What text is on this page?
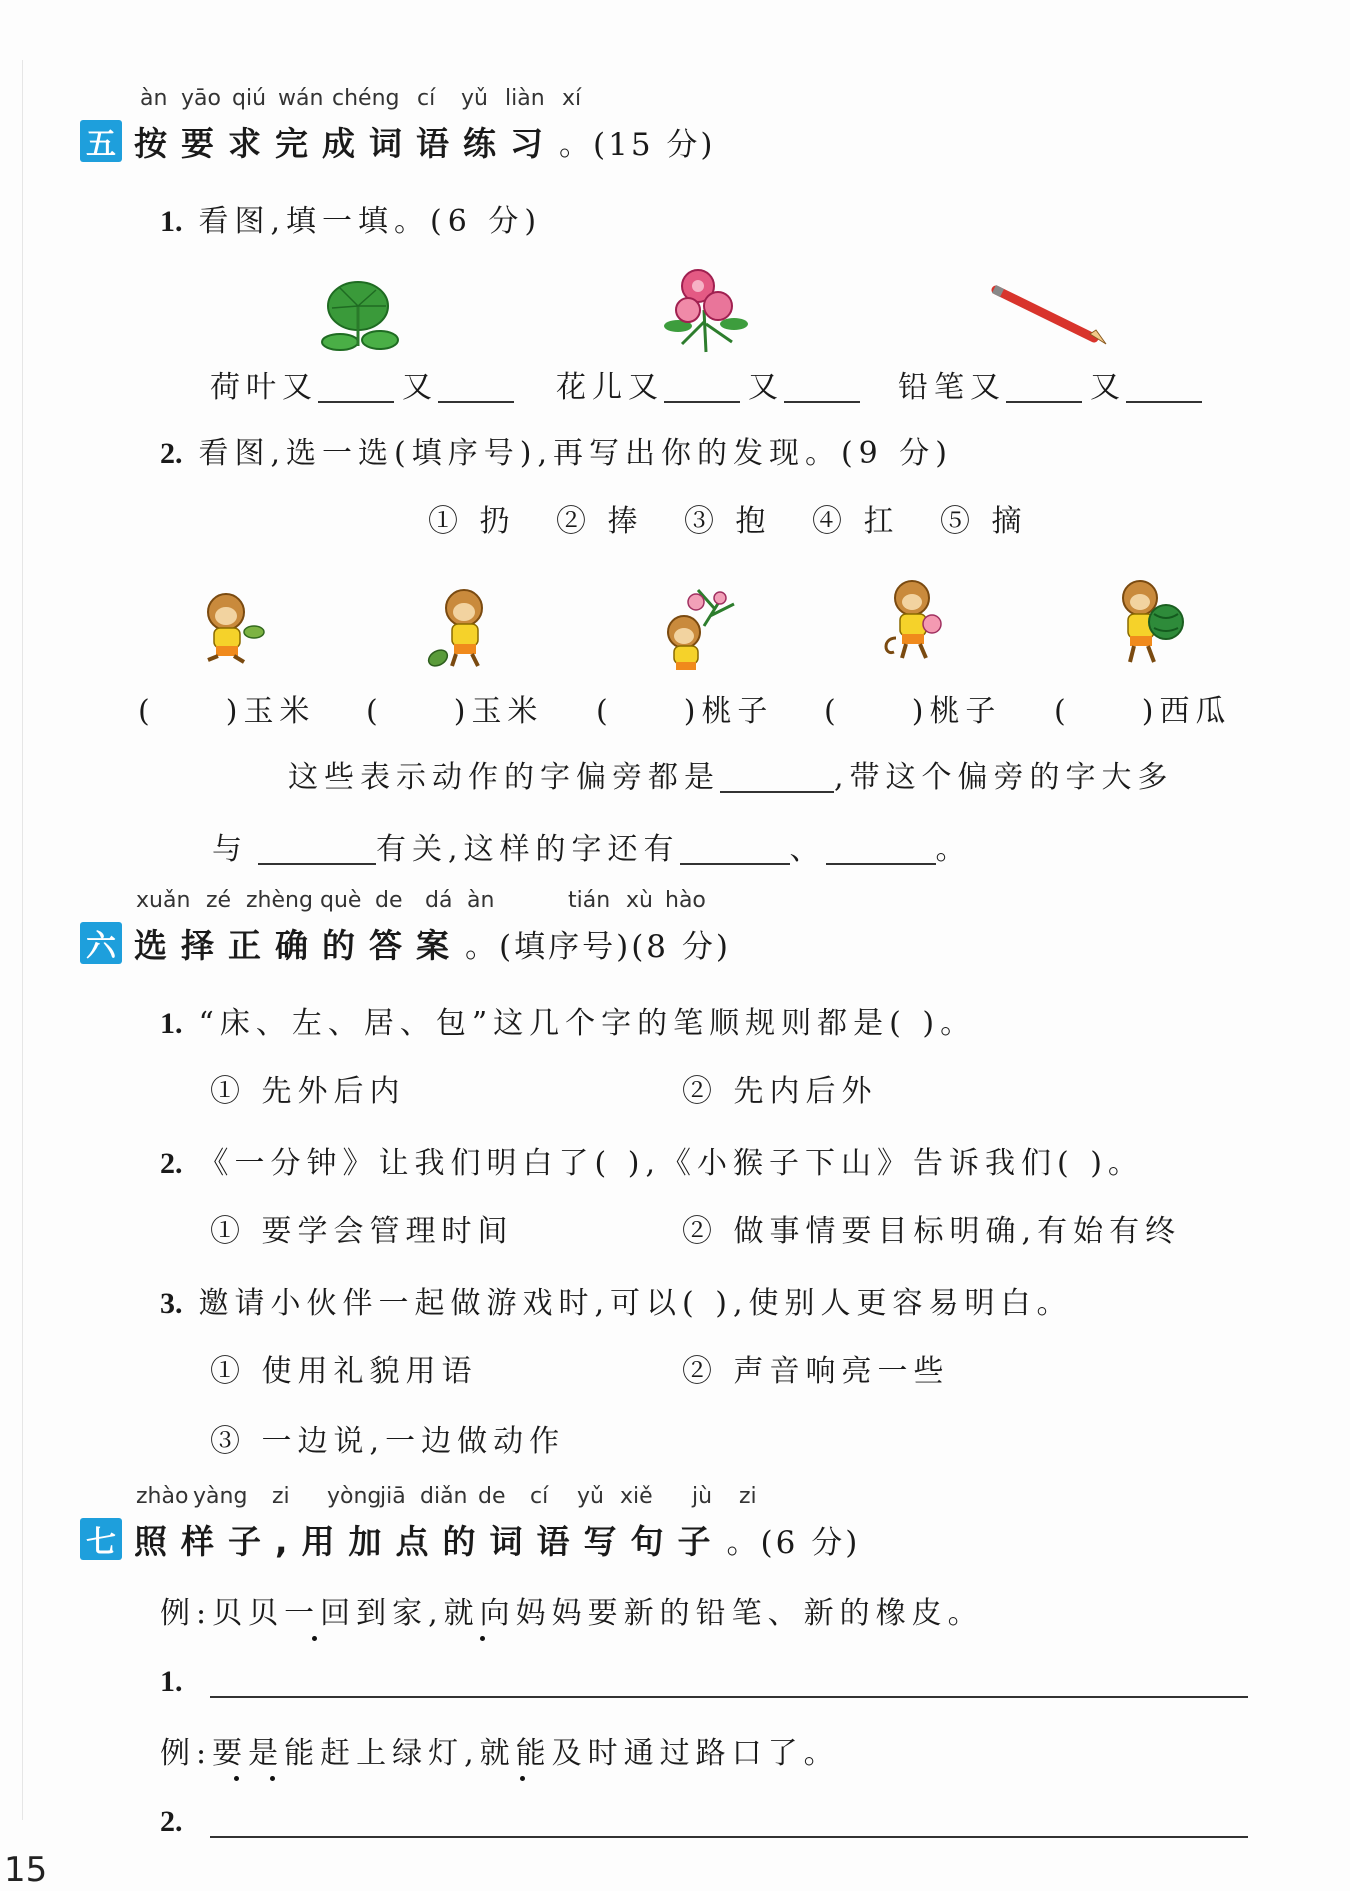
àn yāo qiú wán chéng cí yǔ liàn xí
五 按要求完成词语练习 。(15 分)
1. 看图,填一填。(6 分)
荷叶又	又	花儿又	又	铅笔又	又
2. 看图,选一选(填序号),再写出你的发现。(9 分)
① 扔 ② 捧 ③ 抱 ④ 扛 ⑤ 摘
( )玉米 ( )玉米 ( )桃子 ( )桃子 ( )西瓜
这些表示动作的字偏旁都是	,带这个偏旁的字大多
与	有关,这样的字还有	、	。
xuǎn zé zhèng què de dá àn	tián xù hào
六 选择正确的答案 。(填序号)(8 分)
1. “床、左、居、包”这几个字的笔顺规则都是( )。
① 先外后内	② 先内后外
2. 《一分钟》让我们明白了( ),《小猴子下山》告诉我们( )。
① 要学会管理时间	② 做事情要目标明确,有始有终
3. 邀请小伙伴一起做游戏时,可以( ),使别人更容易明白。
① 使用礼貌用语	② 声音响亮一些
③ 一边说,一边做动作
zhào yàng zi yòng
jiā diǎn de cí yǔ xiě jù zi
七 照样子,用加点的词语写句子 。(6 分)
例:贝贝一回到家,就向妈妈要新的铅笔、新的橡皮。
1.
例:要是能赶上绿灯,就能及时通过路口了。
2.
15
